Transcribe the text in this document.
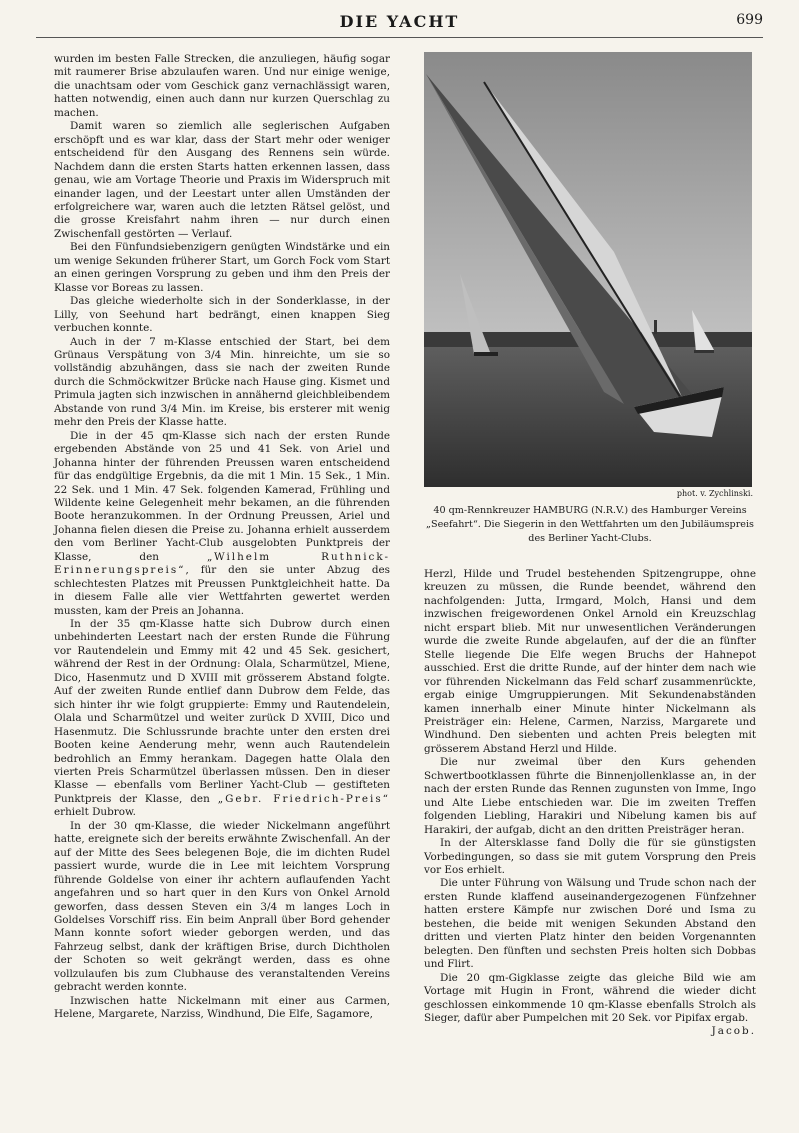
DIE YACHT	699

wurden im besten Falle Strecken, die anzuliegen, häufig sogar mit raumerer Brise abzulaufen waren. Und nur einige wenige, die unachtsam oder vom Geschick ganz vernachlässigt waren, hatten notwendig, einen auch dann nur kurzen Querschlag zu machen.

Damit waren so ziemlich alle seglerischen Aufgaben erschöpft und es war klar, dass der Start mehr oder weniger entscheidend für den Ausgang des Rennens sein würde. Nachdem dann die ersten Starts hatten erkennen lassen, dass genau, wie am Vortage Theorie und Praxis im Widerspruch mit einander lagen, und der Leestart unter allen Umständen der erfolgreichere war, waren auch die letzten Rätsel gelöst, und die grosse Kreisfahrt nahm ihren — nur durch einen Zwischenfall gestörten — Verlauf.

Bei den Fünfundsiebenzigern genügten Windstärke und ein um wenige Sekunden früherer Start, um Gorch Fock vom Start an einen geringen Vorsprung zu geben und ihm den Preis der Klasse vor Boreas zu lassen.

Das gleiche wiederholte sich in der Sonderklasse, in der Lilly, von Seehund hart bedrängt, einen knappen Sieg verbuchen konnte.

Auch in der 7 m-Klasse entschied der Start, bei dem Grünaus Verspätung von 3/4 Min. hinreichte, um sie so vollständig abzuhängen, dass sie nach der zweiten Runde durch die Schmöckwitzer Brücke nach Hause ging. Kismet und Primula jagten sich inzwischen in annähernd gleichbleibendem Abstande von rund 3/4 Min. im Kreise, bis ersterer mit wenig mehr den Preis der Klasse hatte.

Die in der 45 qm-Klasse sich nach der ersten Runde ergebenden Abstände von 25 und 41 Sek. von Ariel und Johanna hinter der führenden Preussen waren entscheidend für das endgültige Ergebnis, da die mit 1 Min. 15 Sek., 1 Min. 22 Sek. und 1 Min. 47 Sek. folgenden Kamerad, Frühling und Wildente keine Gelegenheit mehr bekamen, an die führenden Boote heranzukommen. In der Ordnung Preussen, Ariel und Johanna fielen diesen die Preise zu. Johanna erhielt ausserdem den vom Berliner Yacht-Club ausgelobten Punktpreis der Klasse, den	„Wilhelm Ruthnick-Erinnerungspreis“, für den sie unter Abzug des schlechtesten Platzes mit Preussen Punktgleichheit hatte. Da in diesem Falle alle vier Wettfahrten gewertet werden mussten, kam der Preis an Johanna.

In der 35 qm-Klasse hatte sich Dubrow durch einen unbehinderten Leestart nach der ersten Runde die Führung vor Rautendelein und Emmy mit 42 und 45 Sek. gesichert, während der Rest in der Ordnung: Olala, Scharmützel, Miene, Dico, Hasenmutz und D XVIII mit grösserem Abstand folgte. Auf der zweiten Runde entlief dann Dubrow dem Felde, das sich hinter ihr wie folgt gruppierte: Emmy und Rautendelein, Olala und Scharmützel und weiter zurück D XVIII, Dico und Hasenmutz. Die Schlussrunde brachte unter den ersten drei Booten keine Aenderung mehr, wenn auch Rautendelein bedrohlich an Emmy herankam. Dagegen hatte Olala den vierten Preis Scharmützel überlassen müssen. Den in dieser Klasse — ebenfalls vom Berliner Yacht-Club — gestifteten Punktpreis der Klasse, den „Gebr. Friedrich-Preis“ erhielt Dubrow.

In der 30 qm-Klasse, die wieder Nickelmann angeführt hatte, ereignete sich der bereits erwähnte Zwischenfall. An der auf der Mitte des Sees belegenen Boje, die im dichten Rudel passiert wurde, wurde die in Lee mit leichtem Vorsprung führende Goldelse von einer ihr achtern auflaufenden Yacht angefahren und so hart quer in den Kurs von Onkel Arnold geworfen, dass dessen Steven ein 3/4 m langes Loch in Goldelses Vorschiff riss. Ein beim Anprall über Bord gehender Mann konnte sofort wieder geborgen werden, und das Fahrzeug selbst, dank der kräftigen Brise, durch Dichtholen der Schoten so weit gekrängt werden, dass es ohne vollzulaufen bis zum Clubhause des veranstaltenden Vereins gebracht werden konnte.

Inzwischen hatte Nickelmann mit einer aus Carmen, Helene, Margarete, Narziss, Windhund, Die Elfe, Sagamore,

phot. v. Zychlinski.
40 qm-Rennkreuzer HAMBURG (N.R.V.) des Hamburger Vereins
„Seefahrt“. Die Siegerin in den Wettfahrten um den Jubiläumspreis des Berliner Yacht-Clubs.

Herzl, Hilde und Trudel bestehenden Spitzengruppe, ohne kreuzen zu müssen, die Runde beendet, während den nachfolgenden: Jutta, Irmgard, Molch, Hansi und dem inzwischen freigewordenen Onkel Arnold ein Kreuzschlag nicht erspart blieb. Mit nur unwesentlichen Veränderungen wurde die zweite Runde abgelaufen, auf der die an fünfter Stelle liegende Die Elfe wegen Bruchs der Hahnepot ausschied. Erst die dritte Runde, auf der hinter dem nach wie vor führenden Nickelmann das Feld scharf zusammenrückte, ergab einige Umgruppierungen. Mit Sekundenabständen kamen innerhalb einer Minute hinter Nickelmann als Preisträger ein: Helene, Carmen, Narziss, Margarete und Windhund. Den siebenten und achten Preis belegten mit grösserem Abstand Herzl und Hilde.

Die nur zweimal über den Kurs gehenden Schwertbootklassen führte die Binnenjollenklasse an, in der nach der ersten Runde das Rennen zugunsten von Imme, Ingo und Alte Liebe entschieden war. Die im zweiten Treffen folgenden Liebling, Harakiri und Nibelung kamen bis auf Harakiri, der aufgab, dicht an den dritten Preisträger heran.

In der Altersklasse fand Dolly die für sie günstigsten Vorbedingungen, so dass sie mit gutem Vorsprung den Preis vor Eos erhielt.

Die unter Führung von Wälsung und Trude schon nach der ersten Runde klaffend auseinandergezogenen Fünfzehner hatten erstere Kämpfe nur zwischen Doré und Isma zu bestehen, die beide mit wenigen Sekunden Abstand den dritten und vierten Platz hinter den beiden Vorgenannten belegten. Den fünften und sechsten Preis holten sich Dobbas und Flirt.

Die 20 qm-Gigklasse zeigte das gleiche Bild wie am Vortage mit Hugin in Front, während die wieder dicht geschlossen einkommende 10 qm-Klasse ebenfalls Strolch als Sieger, dafür aber Pumpelchen mit 20 Sek. vor Pipifax ergab.

Jacob.
